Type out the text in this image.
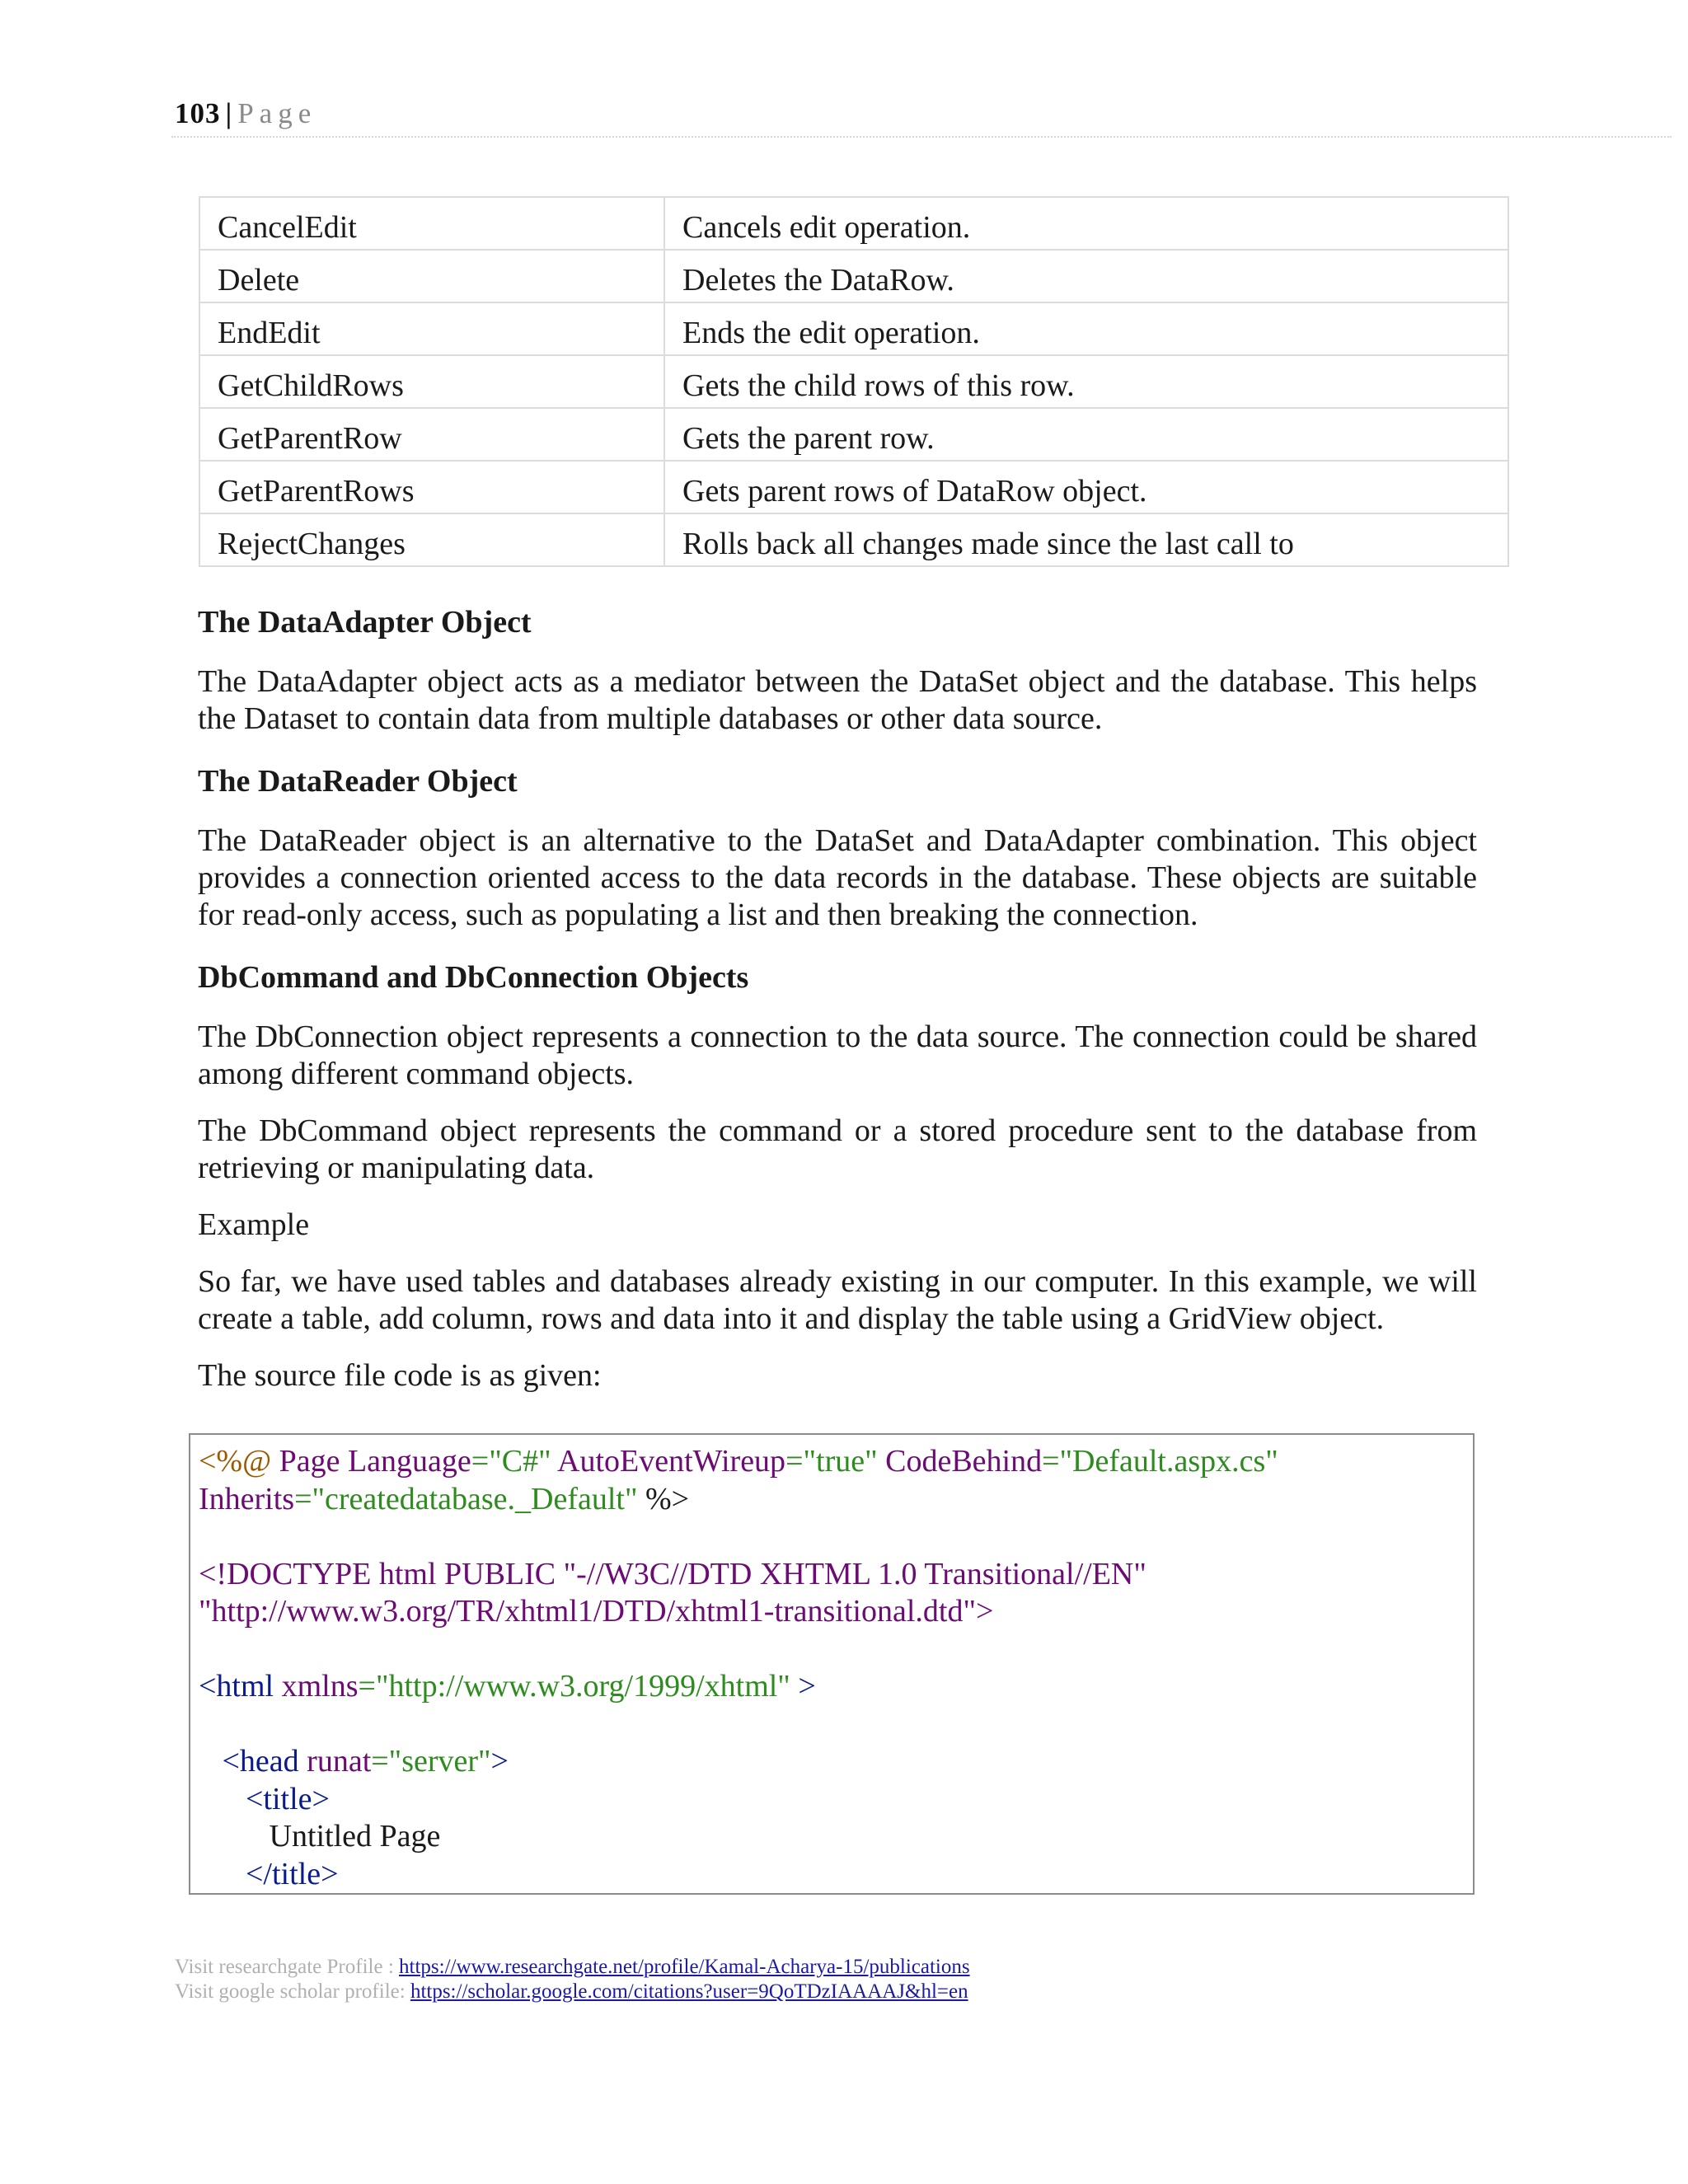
103 | Page
CancelEdit	Cancels edit operation.
Delete	Deletes the DataRow.
EndEdit	Ends the edit operation.
GetChildRows	Gets the child rows of this row.
GetParentRow	Gets the parent row.
GetParentRows	Gets parent rows of DataRow object.
RejectChanges	Rolls back all changes made since the last call to
The DataAdapter Object

The DataAdapter object acts as a mediator between the DataSet object and the database. This helps the Dataset to contain data from multiple databases or other data source.

The DataReader Object

The DataReader object is an alternative to the DataSet and DataAdapter combination. This object provides a connection oriented access to the data records in the database. These objects are suitable for read-only access, such as populating a list and then breaking the connection.

DbCommand and DbConnection Objects

The DbConnection object represents a connection to the data source. The connection could be shared among different command objects.

The DbCommand object represents the command or a stored procedure sent to the database from retrieving or manipulating data.

Example

So far, we have used tables and databases already existing in our computer. In this example, we will create a table, add column, rows and data into it and display the table using a GridView object.

The source file code is as given:

<%@ Page Language="C#" AutoEventWireup="true" CodeBehind="Default.aspx.cs"
Inherits="createdatabase._Default" %>
<!DOCTYPE html PUBLIC "-//W3C//DTD XHTML 1.0 Transitional//EN"
"http://www.w3.org/TR/xhtml1/DTD/xhtml1-transitional.dtd">
<html xmlns="http://www.w3.org/1999/xhtml" >
<head runat="server">
<title>
Untitled Page
</title>
Visit researchgate Profile : https://www.researchgate.net/profile/Kamal-Acharya-15/publications
Visit google scholar profile: https://scholar.google.com/citations?user=9QoTDzIAAAAJ&hl=en
